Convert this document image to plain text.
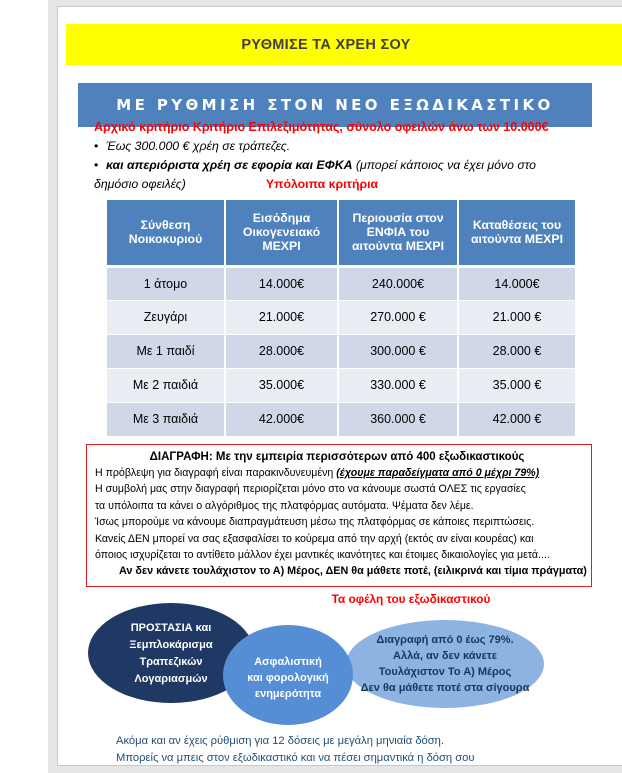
ΡΥΘΜΙΣΕ ΤΑ ΧΡΕΗ ΣΟΥ
ΜΕ ΡΥΘΜΙΣΗ ΣΤΟΝ ΝΕΟ ΕΞΩΔΙΚΑΣΤΙΚΟ
Αρχικό κριτήριο Κριτήριο Επιλεξιμότητας, σύνολο οφειλών άνω των 10.000€
• Έως 300.000 € χρέη σε τράπεζες.
• και απεριόριστα χρέη σε εφορία και ΕΦΚΑ (μπορεί κάποιος να έχει μόνο στο
δημόσιο οφειλές)	Υπόλοιπα κριτήρια
Σύνθεση Νοικοκυριού	Εισόδημα Οικογενειακό ΜΕΧΡΙ	Περιουσία στον ΕΝΦΙΑ του αιτούντα ΜΕΧΡΙ	Καταθέσεις του αιτούντα ΜΕΧΡΙ
1 άτομο	14.000€	240.000€	14.000€
Ζευγάρι	21.000€	270.000 €	21.000 €
Με 1 παιδί	28.000€	300.000 €	28.000 €
Με 2 παιδιά	35.000€	330.000 €	35.000 €
Με 3 παιδιά	42.000€	360.000 €	42.000 €
ΔΙΑΓΡΑΦΗ: Με την εμπειρία περισσότερων από 400 εξωδικαστικούς
Η πρόβλεψη για διαγραφή είναι παρακινδυνευμένη (έχουμε παραδείγματα από 0 μέχρι 79%)
Η συμβολή μας στην διαγραφή περιορίζεται μόνο στο να κάνουμε σωστά ΟΛΕΣ τις εργασίες
τα υπόλοιπα τα κάνει ο αλγόριθμος της πλατφόρμας αυτόματα. Ψέματα δεν λέμε.
Ίσως μπορούμε να κάνουμε διαπραγμάτευση μέσω της πλατφόρμας σε κάποιες περιπτώσεις.
Κανείς ΔΕΝ μπορεί να σας εξασφαλίσει το κούρεμα από την αρχή (εκτός αν είναι κουρέας) και
όποιος ισχυρίζεται το αντίθετο μάλλον έχει μαντικές ικανότητες και έτοιμες δικαιολογίες για μετά....
Αν δεν κάνετε τουλάχιστον το Α) Μέρος, ΔΕΝ θα μάθετε ποτέ, (ειλικρινά και τίμια πράγματα)
Τα οφέλη του εξωδικαστικού
ΠΡΟΣΤΑΣΙΑ και
Ξεμπλοκάρισμα
Τραπεζικών
Λογαριασμών
Διαγραφή από 0 έως 79%.
Αλλά, αν δεν κάνετε
Τουλάχιστον Το Α) Μέρος
Δεν θα μάθετε ποτέ στα σίγουρα
Ασφαλιστική
και φορολογική
ενημερότητα
Ακόμα και αν έχεις ρύθμιση για 12 δόσεις με μεγάλη μηνιαία δόση.
Μπορείς να μπεις στον εξωδικαστικό και να πέσει σημαντικά η δόση σου
